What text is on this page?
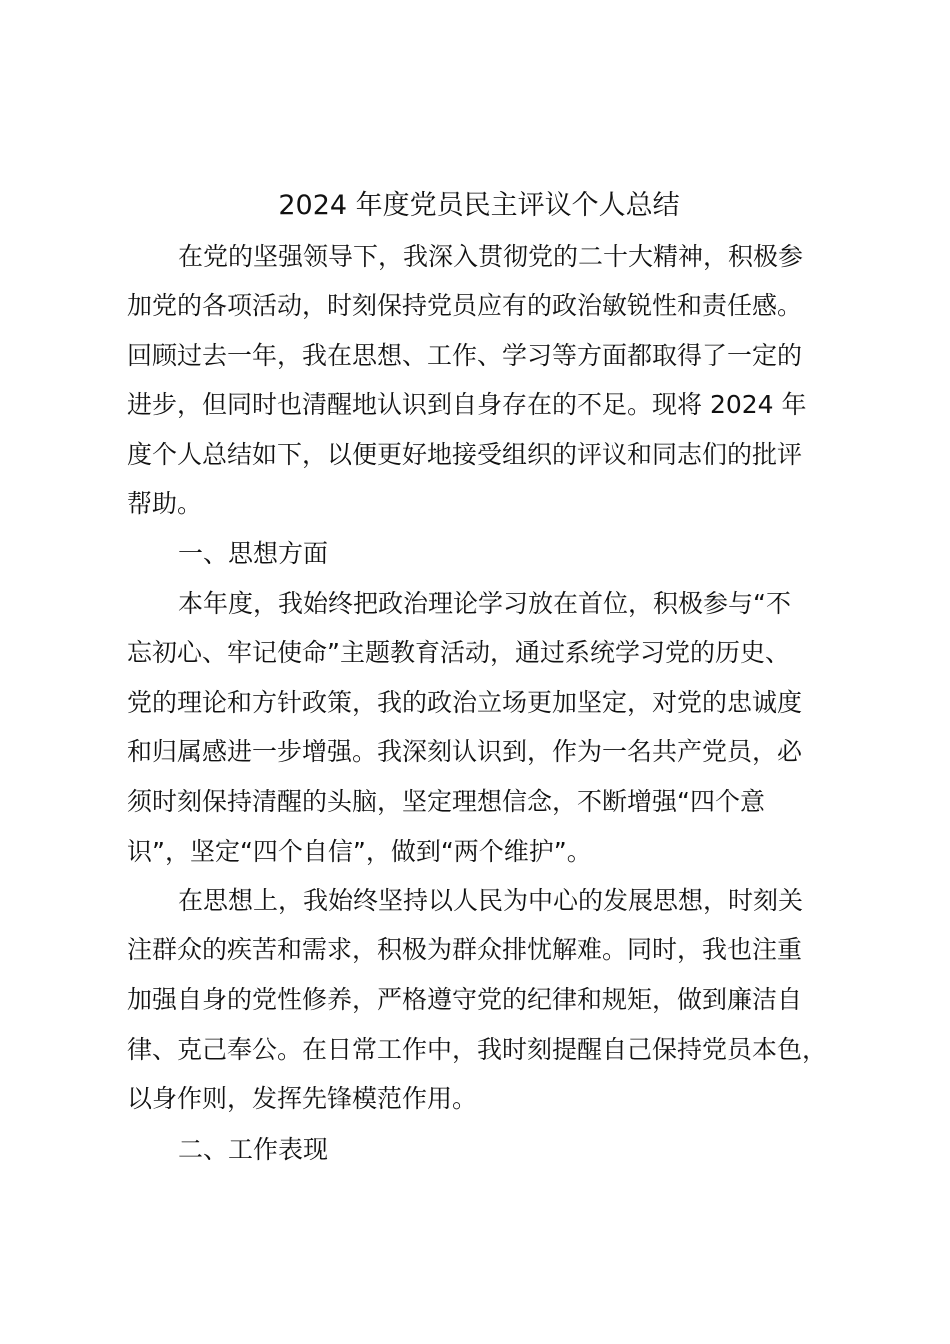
2024 年度党员民主评议个人总结

在党的坚强领导下，我深入贯彻党的二十大精神，积极参

加党的各项活动，时刻保持党员应有的政治敏锐性和责任感。

回顾过去一年，我在思想、工作、学习等方面都取得了一定的

进步，但同时也清醒地认识到自身存在的不足。现将 2024 年

度个人总结如下，以便更好地接受组织的评议和同志们的批评

帮助。

一、思想方面

本年度，我始终把政治理论学习放在首位，积极参与“不

忘初心、牢记使命”主题教育活动，通过系统学习党的历史、

党的理论和方针政策，我的政治立场更加坚定，对党的忠诚度

和归属感进一步增强。我深刻认识到，作为一名共产党员，必

须时刻保持清醒的头脑，坚定理想信念，不断增强“四个意

识”，坚定“四个自信”，做到“两个维护”。

在思想上，我始终坚持以人民为中心的发展思想，时刻关

注群众的疾苦和需求，积极为群众排忧解难。同时，我也注重

加强自身的党性修养，严格遵守党的纪律和规矩，做到廉洁自

律、克己奉公。在日常工作中，我时刻提醒自己保持党员本色，

以身作则，发挥先锋模范作用。

二、工作表现
